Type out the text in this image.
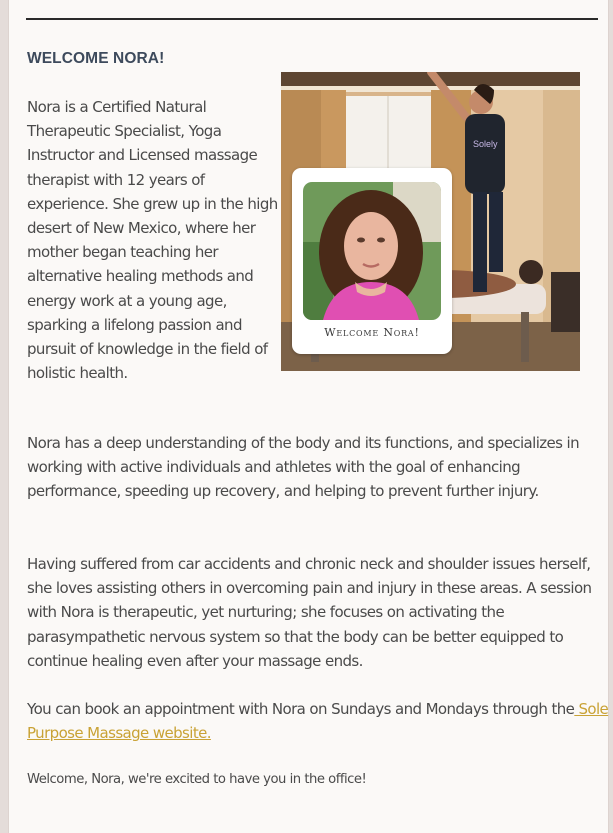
WELCOME NORA!

Nora is a Certified Natural Therapeutic Specialist, Yoga Instructor and Licensed massage therapist with 12 years of experience. She grew up in the high desert of New Mexico, where her mother began teaching her alternative healing methods and energy work at a young age, sparking a lifelong passion and pursuit of knowledge in the field of holistic health.

Solely
Welcome Nora!

Nora has a deep understanding of the body and its functions, and specializes in working with active individuals and athletes with the goal of enhancing performance, speeding up recovery, and helping to prevent further injury.

Having suffered from car accidents and chronic neck and shoulder issues herself, she loves assisting others in overcoming pain and injury in these areas. A session with Nora is therapeutic, yet nurturing; she focuses on activating the parasympathetic nervous system so that the body can be better equipped to continue healing even after your massage ends.

You can book an appointment with Nora on Sundays and Mondays through the Sole Purpose Massage website.

Welcome, Nora, we're excited to have you in the office!
